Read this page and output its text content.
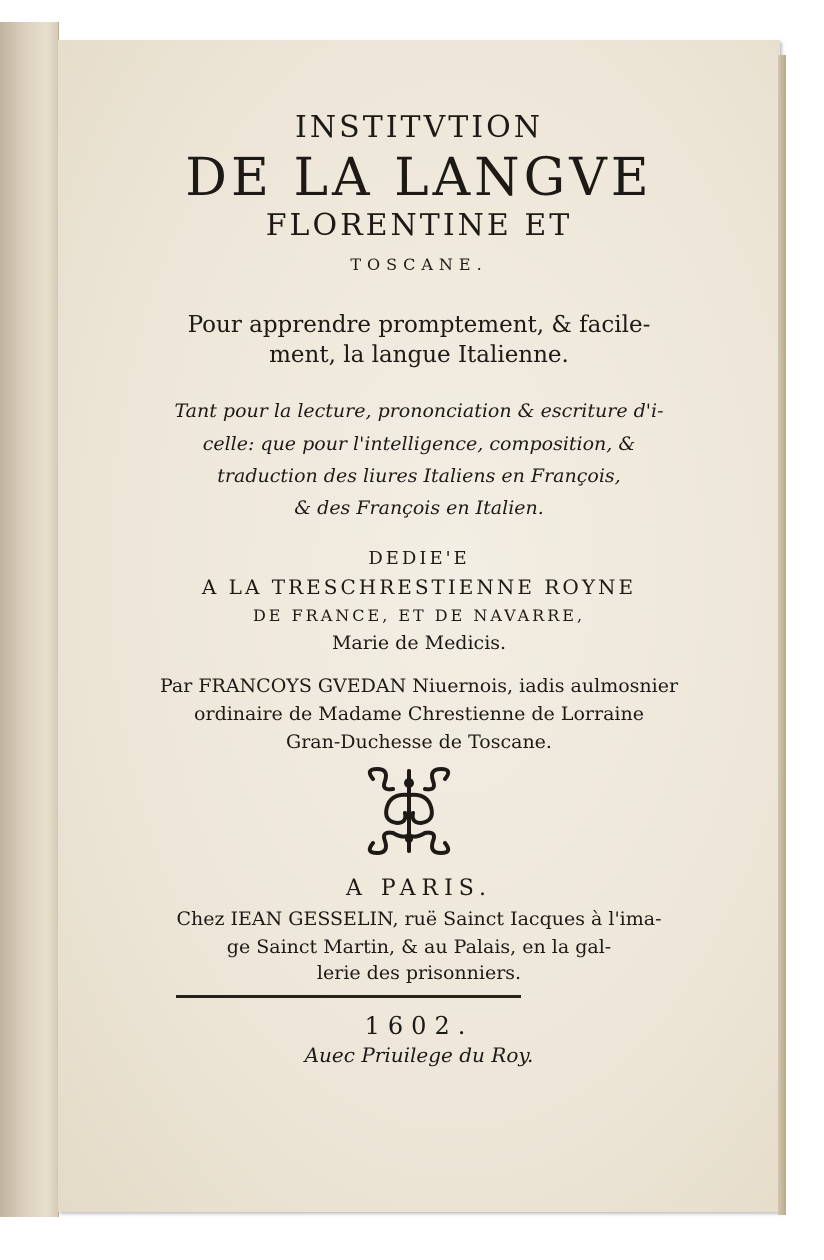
INSTITVTION
DE LA LANGVE
FLORENTINE ET
TOSCANE.
Pour apprendre promptement, & facile-
ment, la langue Italienne.
Tant pour la lecture, prononciation & escriture d'i-
celle: que pour l'intelligence, composition, &
traduction des liures Italiens en François,
& des François en Italien.
DEDIE'E
A LA TRESCHRESTIENNE ROYNE
DE FRANCE, ET DE NAVARRE,
Marie de Medicis.
Par FRANCOYS GVEDAN Niuernois, iadis aulmosnier
ordinaire de Madame Chrestienne de Lorraine
Gran-Duchesse de Toscane.
A PARIS.
Chez IEAN GESSELIN, ruë Sainct Iacques à l'ima-
ge Sainct Martin, & au Palais, en la gal-
lerie des prisonniers.
1602.
Auec Priuilege du Roy.
